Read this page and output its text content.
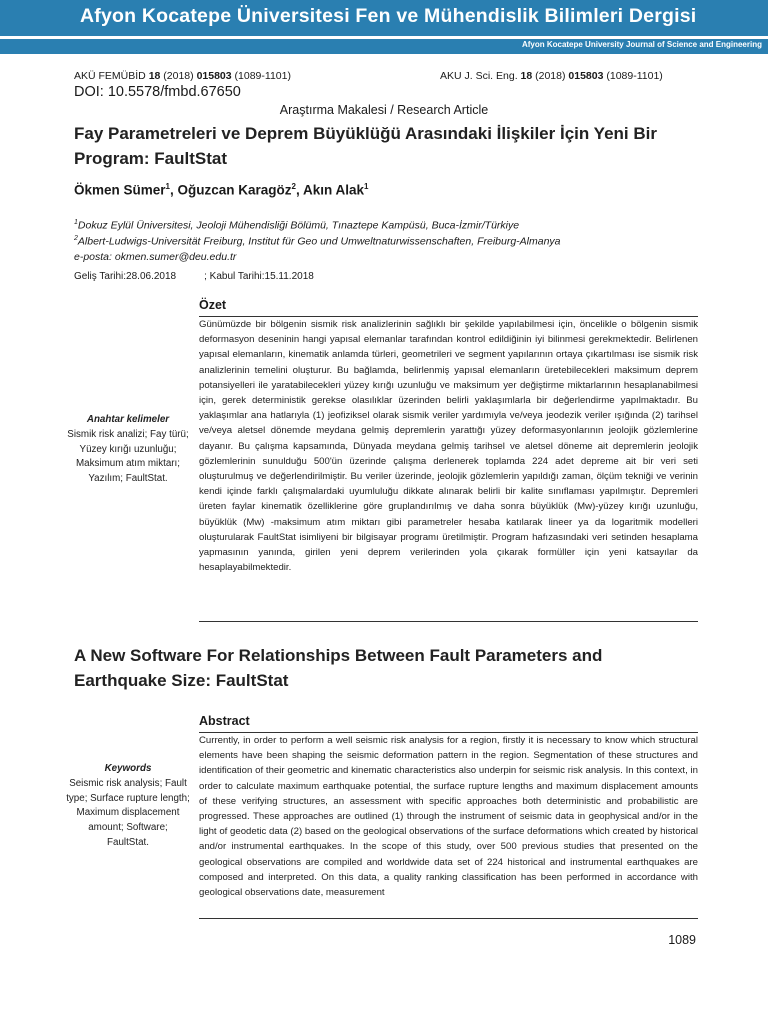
Afyon Kocatepe Üniversitesi Fen ve Mühendislik Bilimleri Dergisi
Afyon Kocatepe University Journal of Science and Engineering
AKÜ FEMÜBİD 18 (2018) 015803 (1089-1101)	AKU J. Sci. Eng. 18 (2018) 015803 (1089-1101)
DOI: 10.5578/fmbd.67650
Araştırma Makalesi / Research Article
Fay Parametreleri ve Deprem Büyüklüğü Arasındaki İlişkiler İçin Yeni Bir Program: FaultStat
Ökmen Sümer$^1$, Oğuzcan Karagöz$^2$, Akın Alak$^1$
$^1$Dokuz Eylül Üniversitesi, Jeoloji Mühendisliği Bölümü, Tınaztepe Kampüsü, Buca-İzmir/Türkiye
$^2$Albert-Ludwigs-Universität Freiburg, Institut für Geo und Umweltnaturwissenschaften, Freiburg-Almanya
e-posta: okmen.sumer@deu.edu.tr
Geliş Tarihi:28.06.2018	; Kabul Tarihi:15.11.2018
Özet
Günümüzde bir bölgenin sismik risk analizlerinin sağlıklı bir şekilde yapılabilmesi için, öncelikle o bölgenin sismik deformasyon deseninin hangi yapısal elemanlar tarafından kontrol edildiğinin iyi bilinmesi gerekmektedir. Belirlenen yapısal elemanların, kinematik anlamda türleri, geometrileri ve segment yapılarının ortaya çıkartılması ise sismik risk analizlerinin temelini oluşturur. Bu bağlamda, belirlenmiş yapısal elemanların üretebilecekleri maksimum deprem potansiyelleri ile yaratabilecekleri yüzey kırığı uzunluğu ve maksimum yer değiştirme miktarlarının hesaplanabilmesi için, gerek deterministik gerekse olasılıklar üzerinden belirli yaklaşımlarla bir değerlendirme yapılmaktadır. Bu yaklaşımlar ana hatlarıyla (1) jeofiziksel olarak sismik veriler yardımıyla ve/veya jeodezik veriler ışığında (2) tarihsel ve/veya aletsel dönemde meydana gelmiş depremlerin yarattığı yüzey deformasyonlarının jeolojik gözlemlerine dayanır. Bu çalışma kapsamında, Dünyada meydana gelmiş tarihsel ve aletsel döneme ait depremlerin jeolojik gözlemlerinin sunulduğu 500'ün üzerinde çalışma derlenerek toplamda 224 adet depreme ait bir veri seti oluşturulmuş ve değerlendirilmiştir. Bu veriler üzerinde, jeolojik gözlemlerin yapıldığı zaman, ölçüm tekniği ve verinin kendi içinde farklı çalışmalardaki uyumluluğu dikkate alınarak belirli bir kalite sınıflaması yapılmıştır. Depremleri üreten faylar kinematik özelliklerine göre gruplandırılmış ve daha sonra büyüklük (Mw)-yüzey kırığı uzunluğu, büyüklük (Mw) -maksimum atım miktarı gibi parametreler hesaba katılarak lineer ya da logaritmik modelleri oluşturularak FaultStat isimliyeni bir bilgisayar programı üretilmiştir. Program hafızasındaki veri setinden hesaplama yapmasının yanında, girilen yeni deprem verilerinden yola çıkarak formüller için yeni katsayılar da hesaplayabilmektedir.
Anahtar kelimeler
Sismik risk analizi; Fay türü; Yüzey kırığı uzunluğu; Maksimum atım miktarı; Yazılım; FaultStat.
A New Software For Relationships Between Fault Parameters and Earthquake Size: FaultStat
Abstract
Currently, in order to perform a well seismic risk analysis for a region, firstly it is necessary to know which structural elements have been shaping the seismic deformation pattern in the region. Segmentation of these structures and identification of their geometric and kinematic characteristics also underpin for seismic risk analysis. In this context, in order to calculate maximum earthquake potential, the surface rupture lengths and maximum displacement amounts of these verifying structures, an assessment with specific approaches both deterministic and probabilistic are progressed. These approaches are outlined (1) through the instrument of seismic data in geophysical and/or in the light of geodetic data (2) based on the geological observations of the surface deformations which created by historical and/or instrumental earthquakes. In the scope of this study, over 500 previous studies that presented on the geological observations are compiled and worldwide data set of 224 historical and instrumental earthquakes are composed and interpreted. On this data, a quality ranking classification has been performed in accordance with geological observations date, measurement
Keywords
Seismic risk analysis; Fault type; Surface rupture length; Maximum displacement amount; Software; FaultStat.
1089
